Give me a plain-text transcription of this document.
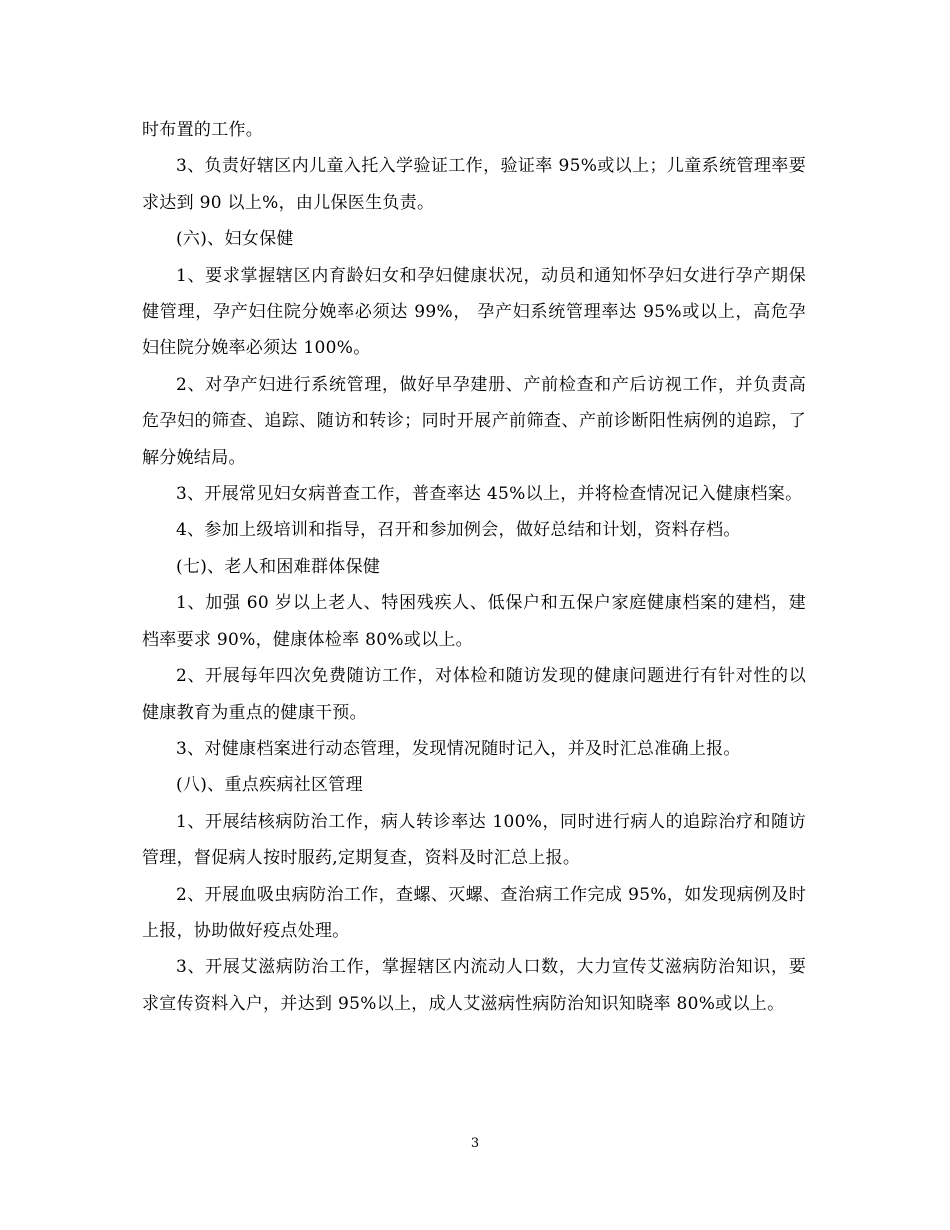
时布置的工作。

3、负责好辖区内儿童入托入学验证工作，验证率 95%或以上；儿童系统管理率要求达到 90 以上%，由儿保医生负责。

(六)、妇女保健

1、要求掌握辖区内育龄妇女和孕妇健康状况，动员和通知怀孕妇女进行孕产期保健管理，孕产妇住院分娩率必须达 99%， 孕产妇系统管理率达 95%或以上，高危孕妇住院分娩率必须达 100%。

2、对孕产妇进行系统管理，做好早孕建册、产前检查和产后访视工作，并负责高危孕妇的筛查、追踪、随访和转诊；同时开展产前筛查、产前诊断阳性病例的追踪，了解分娩结局。

3、开展常见妇女病普查工作，普查率达 45%以上，并将检查情况记入健康档案。

4、参加上级培训和指导，召开和参加例会，做好总结和计划，资料存档。

(七)、老人和困难群体保健

1、加强 60 岁以上老人、特困残疾人、低保户和五保户家庭健康档案的建档，建档率要求 90%，健康体检率 80%或以上。

2、开展每年四次免费随访工作，对体检和随访发现的健康问题进行有针对性的以健康教育为重点的健康干预。

3、对健康档案进行动态管理，发现情况随时记入，并及时汇总准确上报。

(八)、重点疾病社区管理

1、开展结核病防治工作，病人转诊率达 100%，同时进行病人的追踪治疗和随访管理，督促病人按时服药,定期复查，资料及时汇总上报。

2、开展血吸虫病防治工作，查螺、灭螺、查治病工作完成 95%，如发现病例及时上报，协助做好疫点处理。

3、开展艾滋病防治工作，掌握辖区内流动人口数，大力宣传艾滋病防治知识，要求宣传资料入户，并达到 95%以上，成人艾滋病性病防治知识知晓率 80%或以上。

3
